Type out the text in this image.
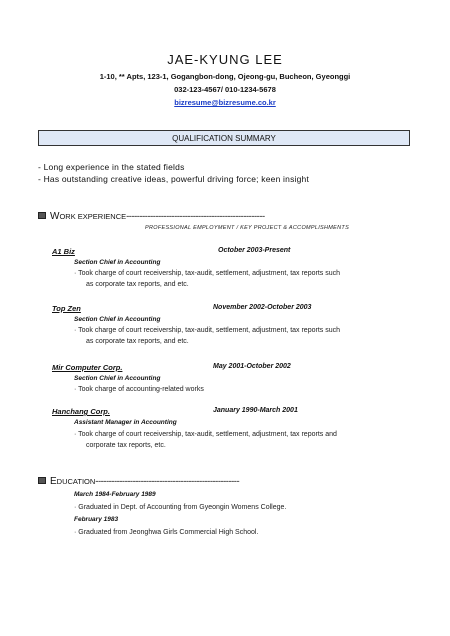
JAE-KYUNG LEE
1-10, ** Apts, 123-1, Gogangbon-dong, Ojeong-gu, Bucheon, Gyeonggi
032-123-4567/ 010-1234-5678
bizresume@bizresume.co.kr
QUALIFICATION SUMMARY
- Long experience in the stated fields
- Has outstanding creative ideas, powerful driving force; keen insight
WORK EXPERIENCE----------------------------------------------------
PROFESSIONAL EMPLOYMENT / KEY PROJECT & ACCOMPLISHMENTS
A1 Biz	October 2003-Present
Section Chief in Accounting
· Took charge of court receivership, tax-audit, settlement, adjustment, tax reports such
as corporate tax reports, and etc.
Top Zen	November 2002-October 2003
Section Chief in Accounting
· Took charge of court receivership, tax-audit, settlement, adjustment, tax reports such
as corporate tax reports, and etc.
Mir Computer Corp.	May 2001-October 2002
Section Chief in Accounting
· Took charge of accounting-related works
Hanchang Corp.	January 1990-March 2001
Assistant Manager in Accounting
· Took charge of court receivership, tax-audit, settlement, adjustment, tax reports and
corporate tax reports, etc.
EDUCATION------------------------------------------------------
March 1984-February 1989
· Graduated in Dept. of Accounting from Gyeongin Womens College.
February 1983
· Graduated from Jeonghwa Girls Commercial High School.
